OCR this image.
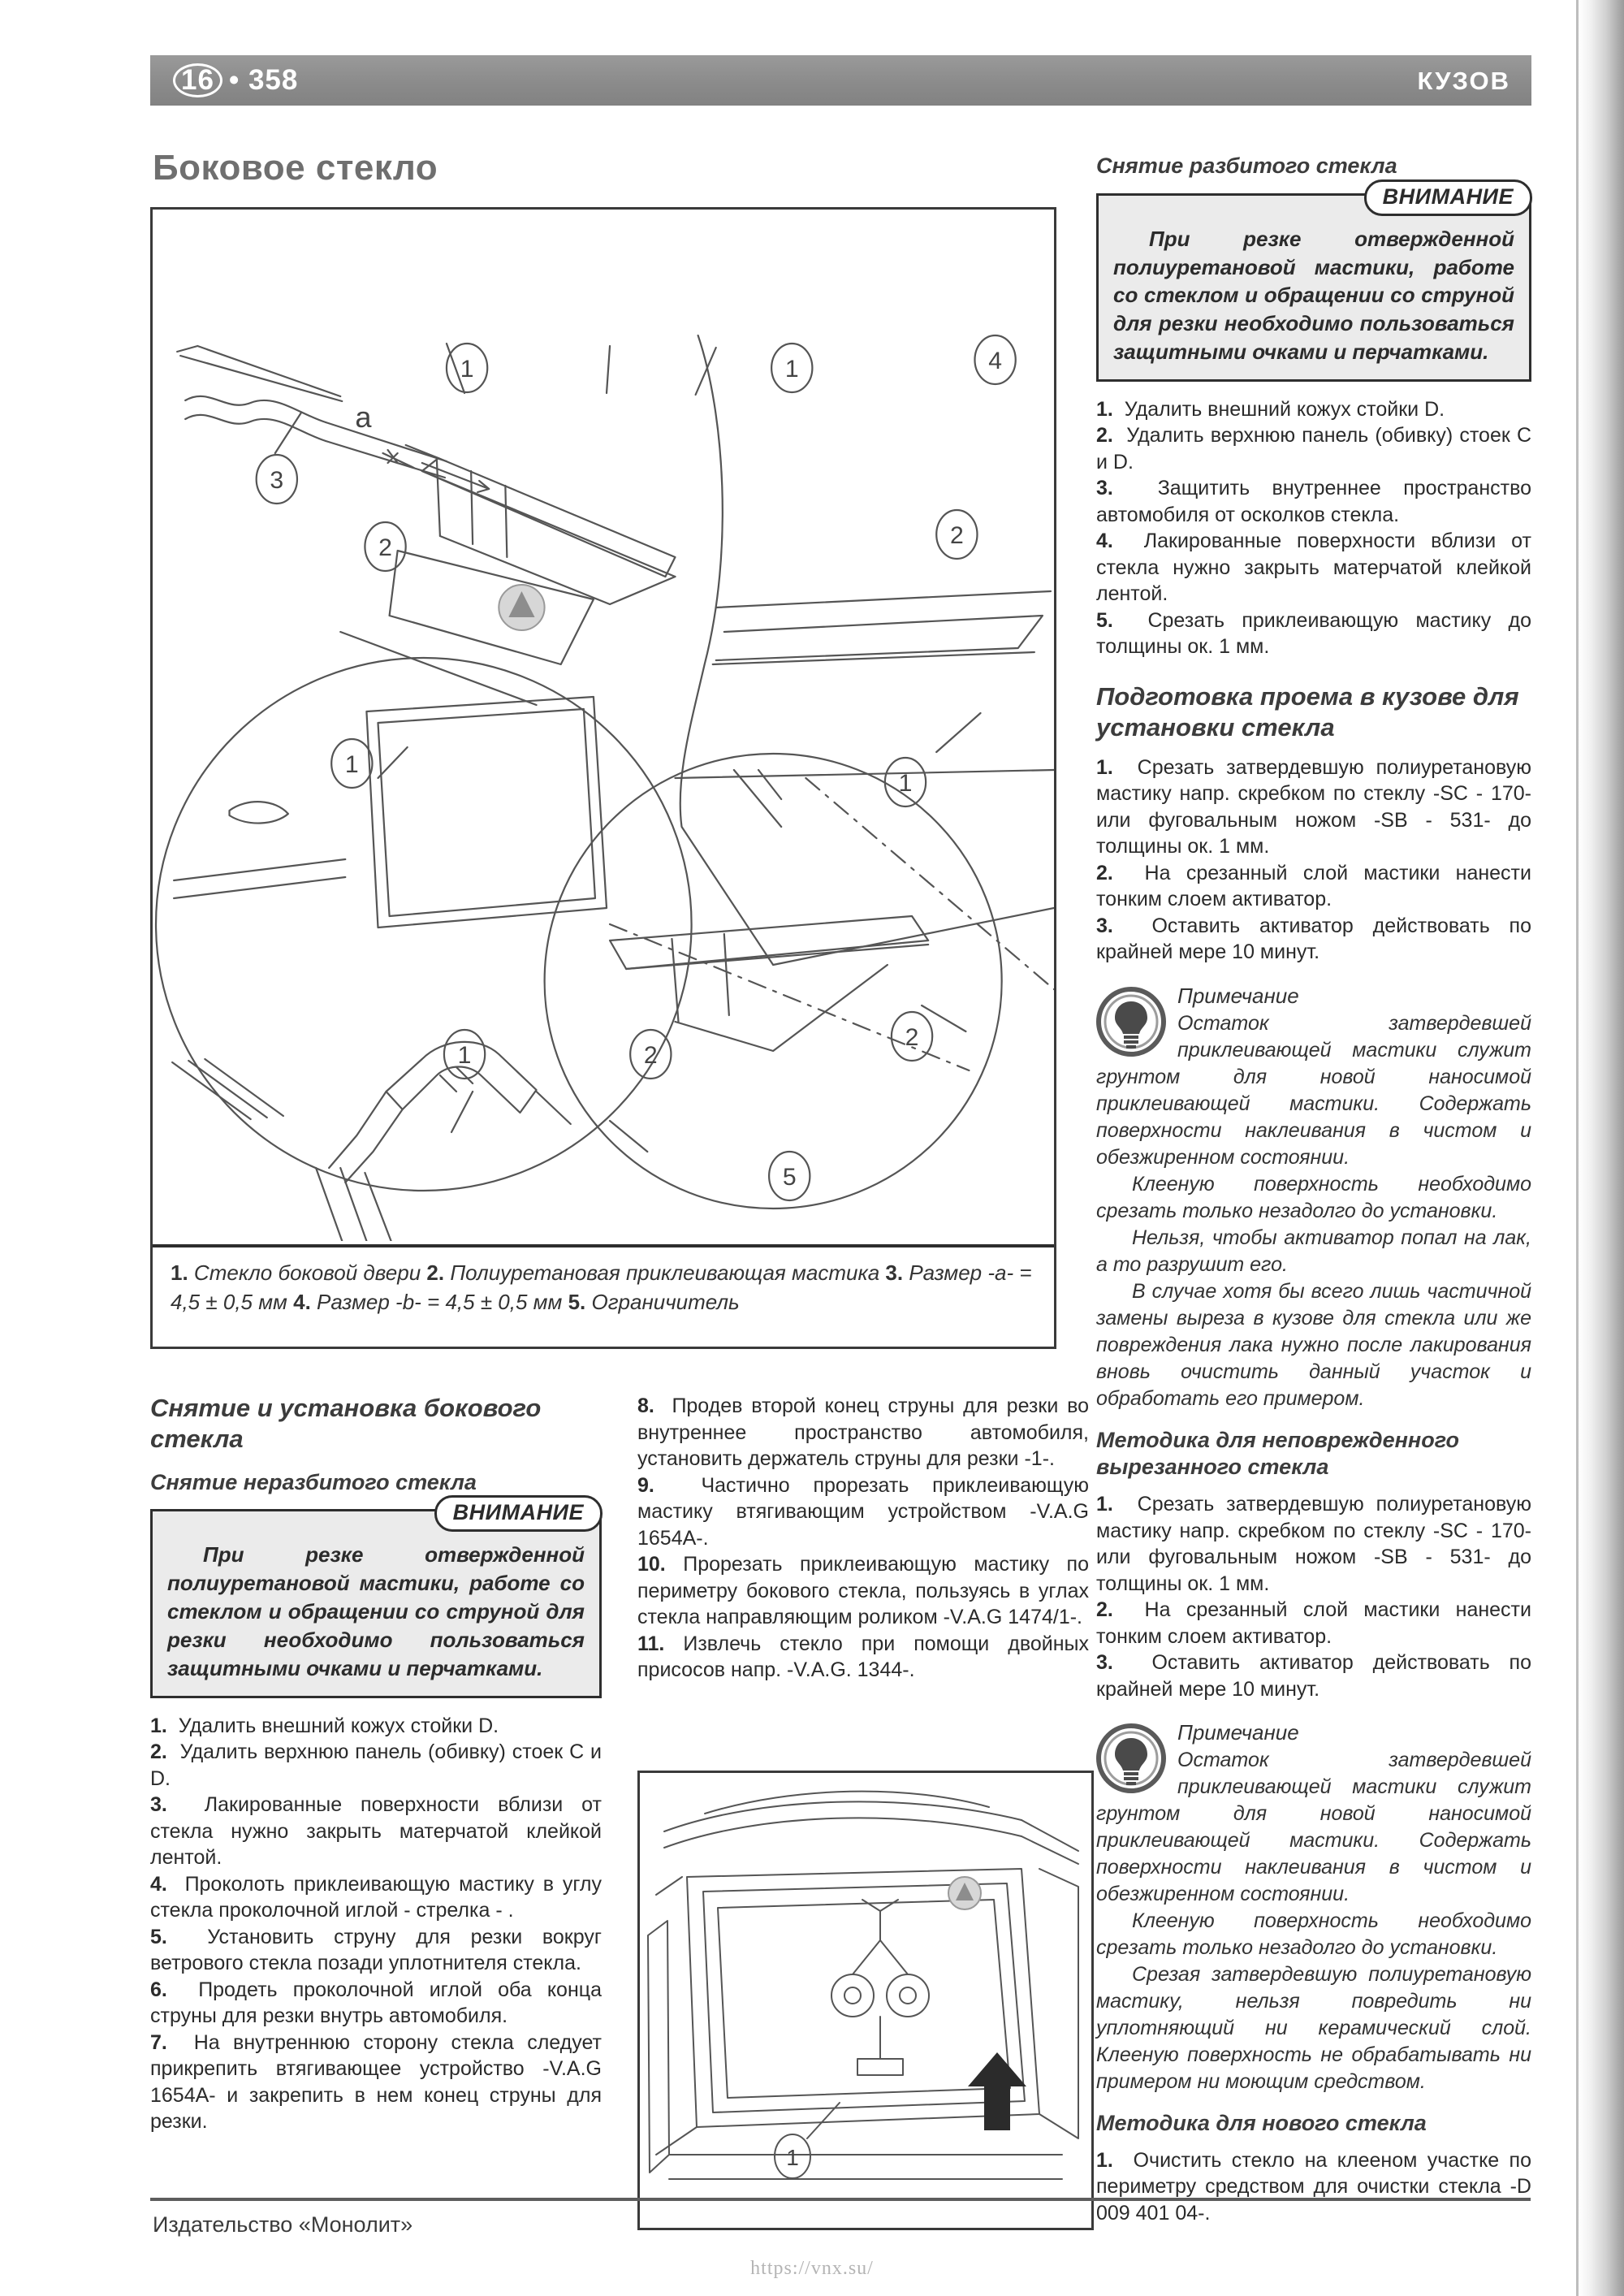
16 • 358	КУЗОВ
Боковое стекло
1	1	4
3
2	2
1
1
1	2
2
5
a
1. Стекло боковой двери 2. Полиуретановая приклеивающая мастика 3. Размер -a- = 4,5 ± 0,5 мм 4. Размер -b- = 4,5 ± 0,5 мм 5. Ограничитель
Снятие и установка бокового стекла
Снятие неразбитого стекла
ВНИМАНИЕ

При резке отвержденной полиуретановой мастики, работе со стеклом и обращении со струной для резки необходимо пользоваться защитными очками и перчатками.

1. Удалить внешний кожух стойки D.

2. Удалить верхнюю панель (обивку) стоек C и D.

3. Лакированные поверхности вблизи от стекла нужно закрыть матерчатой клейкой лентой.

4. Проколоть приклеивающую мастику в углу стекла проколочной иглой - стрелка - .

5. Установить струну для резки вокруг ветрового стекла позади уплотнителя стекла.

6. Продеть проколочной иглой оба конца струны для резки внутрь автомобиля.

7. На внутреннюю сторону стекла следует прикрепить втягивающее устройство -V.A.G 1654A- и закрепить в нем конец струны для резки.

8. Продев второй конец струны для резки во внутреннее пространство автомобиля, установить держатель струны для резки -1-.

9. Частично прорезать приклеивающую мастику втягивающим устройством -V.A.G 1654A-.

10. Прорезать приклеивающую мастику по периметру бокового стекла, пользуясь в углах стекла направляющим роликом -V.A.G 1474/1-.

11. Извлечь стекло при помощи двойных присосов напр. -V.A.G. 1344-.

1
Снятие разбитого стекла
ВНИМАНИЕ

При резке отвержденной полиуретановой мастики, работе со стеклом и обращении со струной для резки необходимо пользоваться защитными очками и перчатками.

1. Удалить внешний кожух стойки D.

2. Удалить верхнюю панель (обивку) стоек C и D.

3. Защитить внутреннее пространство автомобиля от осколков стекла.

4. Лакированные поверхности вблизи от стекла нужно закрыть матерчатой клейкой лентой.

5. Срезать приклеивающую мастику до толщины ок. 1 мм.

Подготовка проема в кузове для установки стекла

1. Срезать затвердевшую полиуретановую мастику напр. скребком по стеклу -SC - 170- или фуговальным ножом -SB - 531- до толщины ок. 1 мм.

2. На срезанный слой мастики нанести тонким слоем активатор.

3. Оставить активатор действовать по крайней мере 10 минут.

Примечание

Остаток затвердевшей приклеивающей мастики служит грунтом для новой наносимой приклеивающей мастики. Содержать поверхности наклеивания в чистом и обезжиренном состоянии.

Клееную поверхность необходимо срезать только незадолго до установки.

Нельзя, чтобы активатор попал на лак, а то разрушит его.

В случае хотя бы всего лишь частичной замены выреза в кузове для стекла или же повреждения лака нужно после лакирования вновь очистить данный участок и обработать его примером.

Методика для неповрежденного вырезанного стекла

1. Срезать затвердевшую полиуретановую мастику напр. скребком по стеклу -SC - 170- или фуговальным ножом -SB - 531- до толщины ок. 1 мм.

2. На срезанный слой мастики нанести тонким слоем активатор.

3. Оставить активатор действовать по крайней мере 10 минут.

Примечание

Остаток затвердевшей приклеивающей мастики служит грунтом для новой наносимой приклеивающей мастики. Содержать поверхности наклеивания в чистом и обезжиренном состоянии.

Клееную поверхность необходимо срезать только незадолго до установки.

Срезая затвердевшую полиуретановую мастику, нельзя повредить ни уплотняющий ни керамический слой. Клееную поверхность не обрабатывать ни примером ни моющим средством.

Методика для нового стекла

1. Очистить стекло на клееном участке по периметру средством для очистки стекла -D 009 401 04-.

Издательство «Монолит»
https://vnx.su/
